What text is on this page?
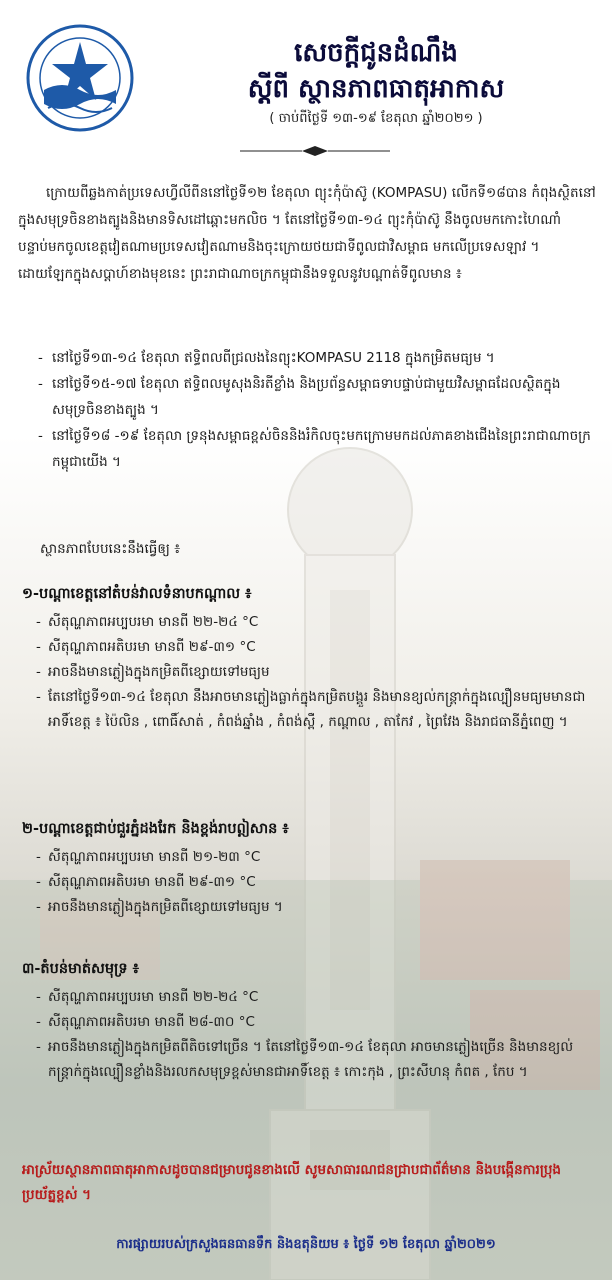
សេចក្តីជូនដំណឹង
ស្តីពី ស្ថានភាពធាតុអាកាស
( ចាប់ពីថ្ងៃទី ១៣-១៩ ខែតុលា ឆ្នាំ២០២១ )
ក្រោយពីឆ្លងកាត់ប្រទេសហ្វីលីពីននៅថ្ងៃទី១២ ខែតុលា ព្យុះកុំប៉ាស៊ូ (KOMPASU) លើកទី១៨បាន កំពុងស្ថិតនៅក្នុងសមុទ្រចិនខាងត្បូងនិងមានទិសដៅឆ្ពោះមកលិច ។ តែនៅថ្ងៃទី១៣-១៤ ព្យុះកុំប៉ាស៊ូ នឹងចូលមកកោះហៃណាំបន្ទាប់មកចូលខេត្តវៀតណាមប្រទេសវៀតណាមនិងចុះក្រោយថយជាទីពូលជាវិសម្ពាធ មកលើប្រទេសឡាវ ។ ដោយឡែកក្នុងសប្តាហ៍ខាងមុខនេះ ព្រះរាជាណាចក្រកម្ពុជានឹងទទួលនូវបណ្តាត់ទីពូលមាន ៖
- នៅថ្ងៃទី១៣-១៤ ខែតុលា ឥទ្ធិពលពីជ្រលងនៃព្យុះKOMPASU 2118 ក្នុងកម្រិតមធ្យម ។
- នៅថ្ងៃទី១៥-១៧ ខែតុលា ឥទ្ធិពលមូសុងនិរតីខ្លាំង និងប្រព័ន្ធសម្ពាធទាបផ្ទាប់ជាមួយវិសម្ពាធដែលស្ថិតក្នុងសមុទ្រចិនខាងត្បូង ។
- នៅថ្ងៃទី១៨ -១៩ ខែតុលា ទ្រនុងសម្ពាធខ្ពស់ចិននិងរំកិលចុះមកក្រោមមកដល់ភាគខាងជើងនៃព្រះរាជាណាចក្រកម្ពុជាយើង ។
ស្ថានភាពបែបនេះនឹងធ្វើឲ្យ ៖
១-បណ្តាខេត្តនៅតំបន់វាលទំនាបកណ្តាល ៖
- សីតុណ្ហភាពអប្បបរមា មានពី ២២-២៤ °C
- សីតុណ្ហភាពអតិបរមា មានពី ២៩-៣១ °C
- អាចនឹងមានភ្លៀងក្នុងកម្រិតពីខ្សោយទៅមធ្យម
- តែនៅថ្ងៃទី១៣-១៤ ខែតុលា នឹងអាចមានភ្លៀងធ្លាក់ក្នុងកម្រិតបង្គួរ និងមានខ្យល់កន្ត្រាក់ក្នុងល្បឿនមធ្យមមានជាអាទិ៍ខេត្ត ៖ ប៉ៃលិន , ពោធិ៍សាត់ , កំពង់ឆ្នាំង , កំពង់ស្ពឺ , កណ្តាល , តាកែវ , ព្រៃវែង និងរាជធានីភ្នំពេញ ។
២-បណ្តាខេត្តជាប់ជួរភ្នំដងរែក និងខ្ពង់រាបឦសាន ៖
- សីតុណ្ហភាពអប្បបរមា មានពី ២១-២៣ °C
- សីតុណ្ហភាពអតិបរមា មានពី ២៩-៣១ °C
- អាចនឹងមានភ្លៀងក្នុងកម្រិតពីខ្សោយទៅមធ្យម ។
៣-តំបន់មាត់សមុទ្រ ៖
- សីតុណ្ហភាពអប្បបរមា មានពី ២២-២៤ °C
- សីតុណ្ហភាពអតិបរមា មានពី ២៨-៣០ °C
- អាចនឹងមានភ្លៀងក្នុងកម្រិតពីតិចទៅច្រើន ។ តែនៅថ្ងៃទី១៣-១៤ ខែតុលា អាចមានភ្លៀងច្រើន និងមានខ្យល់កន្ត្រាក់ក្នុងល្បឿនខ្លាំងនិងរលកសមុទ្រខ្ពស់មានជាអាទិ៍ខេត្ត ៖ កោះកុង , ព្រះសីហនុ កំពត , កែប ។
អាស្រ័យស្ថានភាពធាតុអាកាសដូចបានជម្រាបជូនខាងលើ សូមសាធារណជនជ្រាបជាព័ត៌មាន និងបង្កើនការប្រុងប្រយ័ត្នខ្ពស់ ។
ការផ្សាយរបស់ក្រសួងធនធានទឹក និងឧតុនិយម ៖ ថ្ងៃទី ១២ ខែតុលា ឆ្នាំ២០២១
